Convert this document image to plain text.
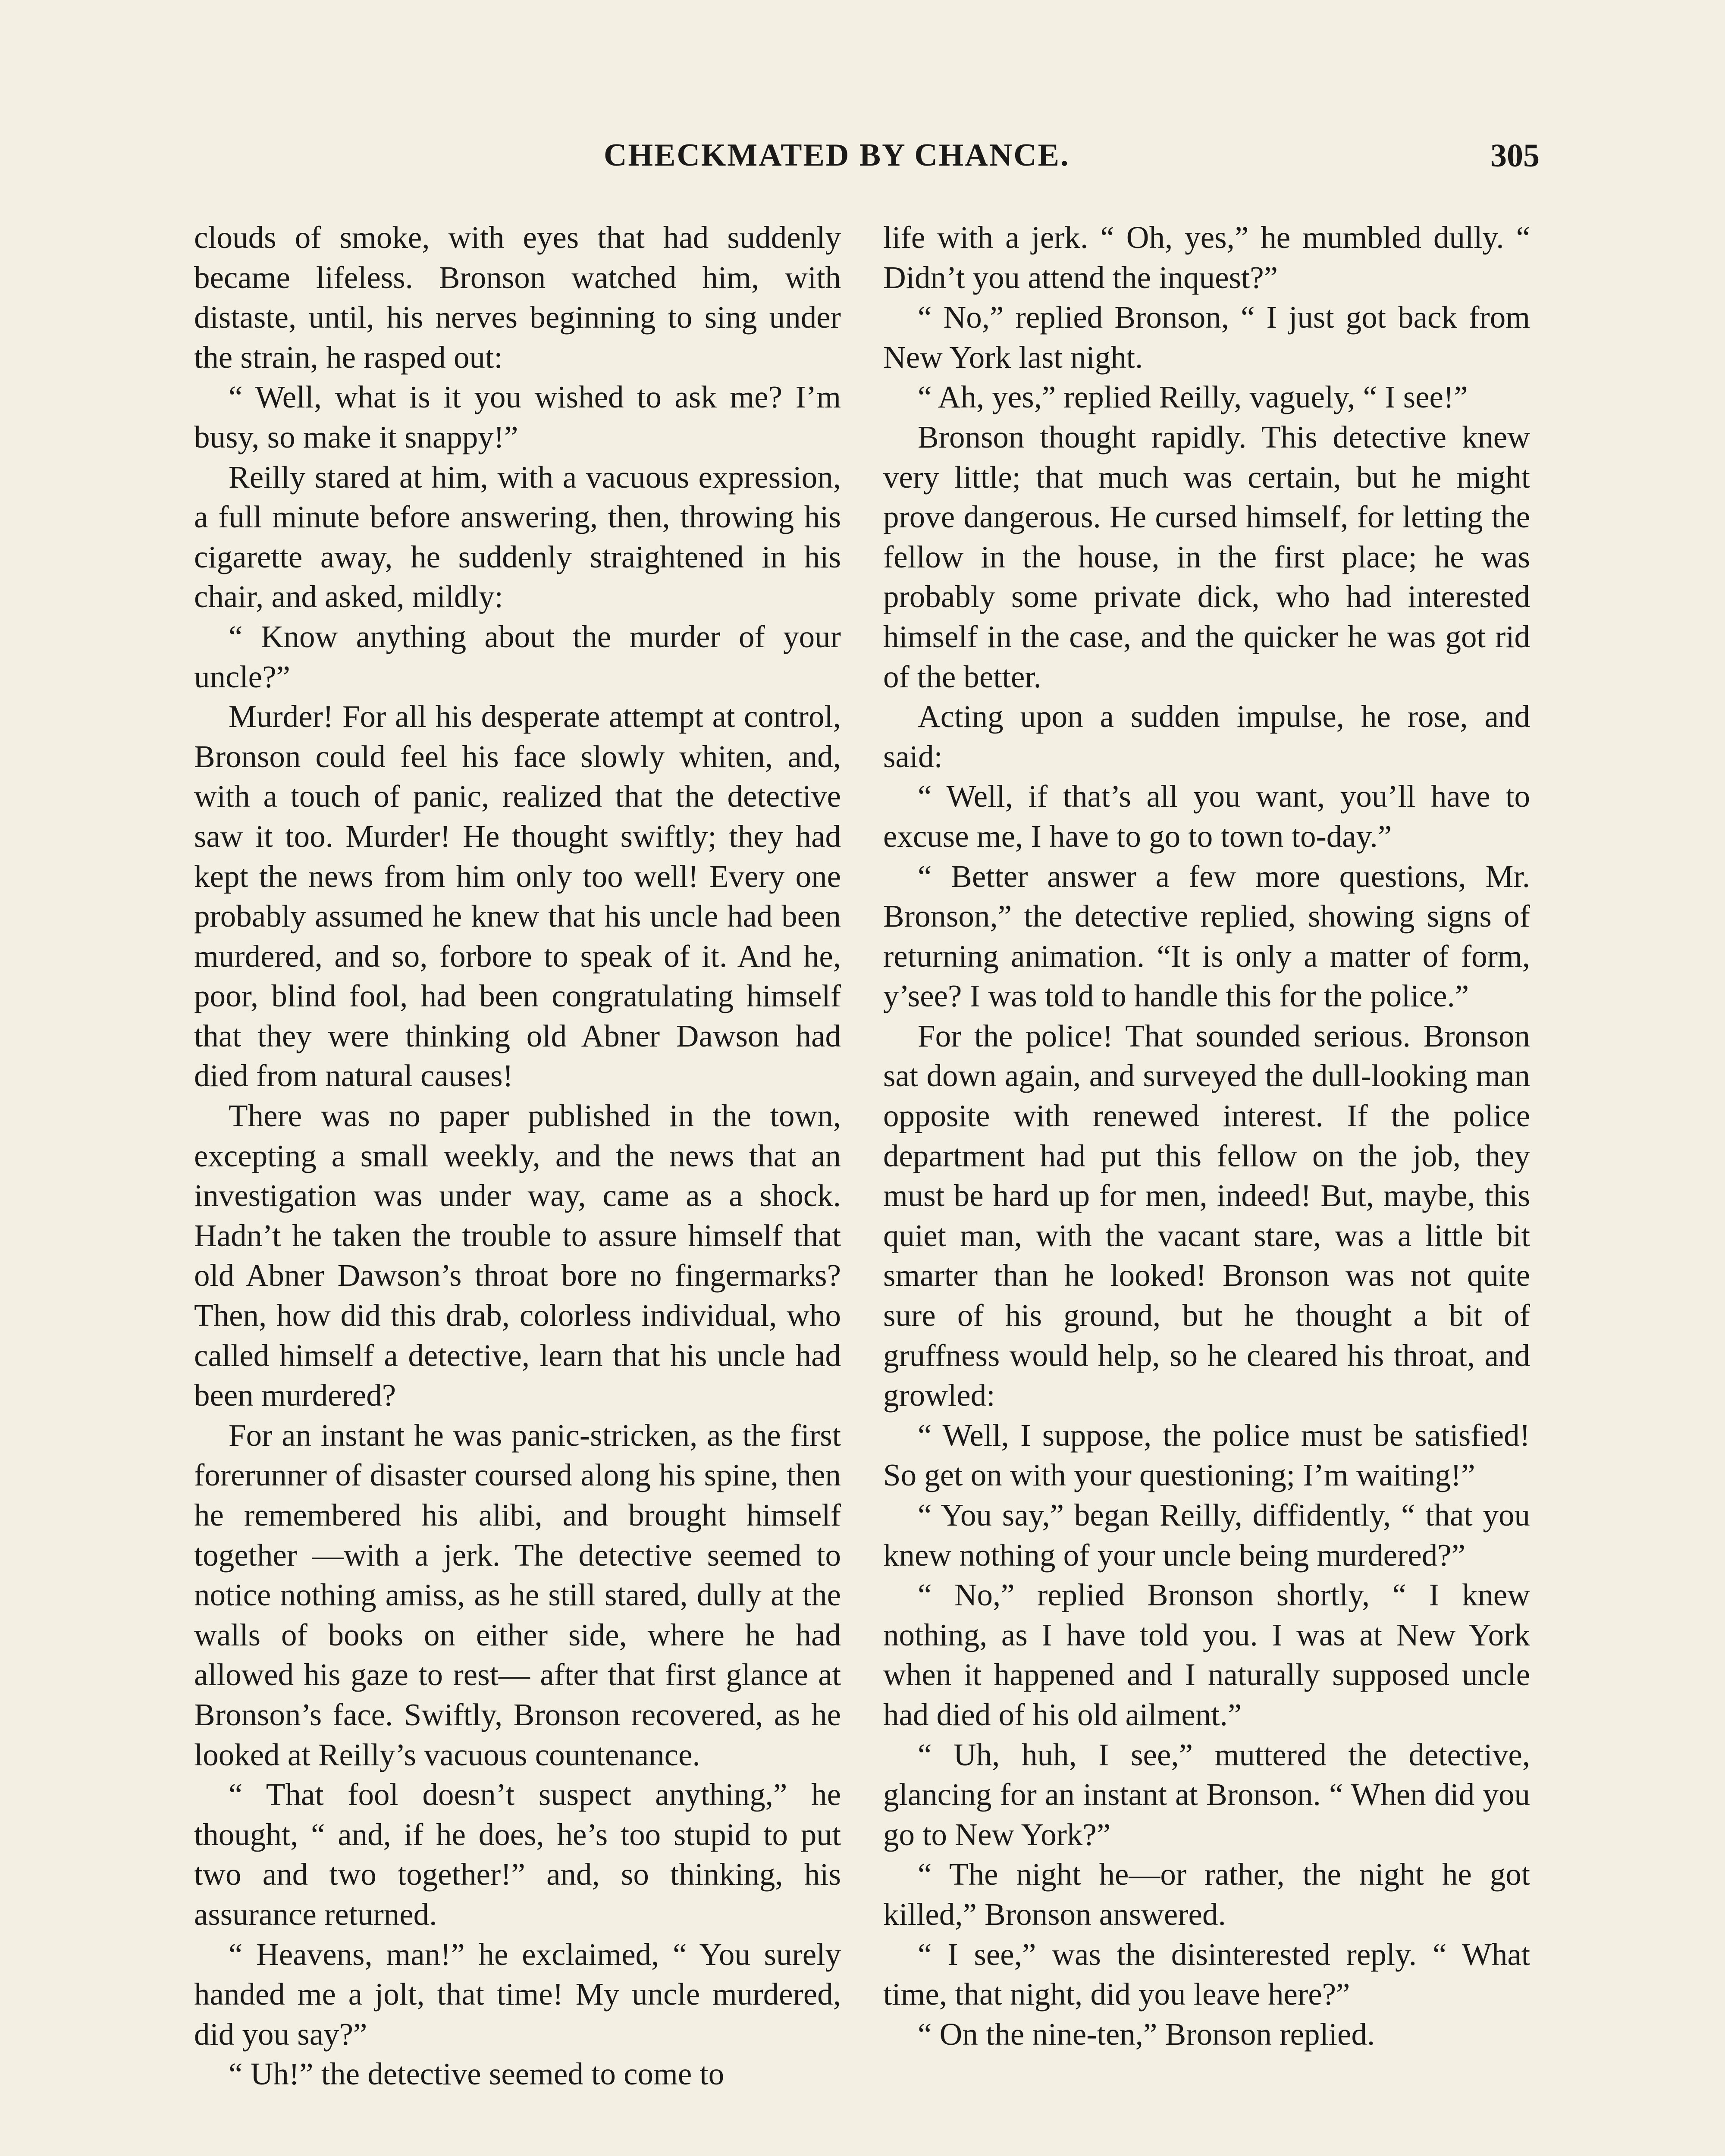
CHECKMATED BY CHANCE.	305

clouds of smoke, with eyes that had suddenly became lifeless. Bronson watched him, with distaste, until, his nerves beginning to sing under the strain, he rasped out:

“ Well, what is it you wished to ask me? I’m busy, so make it snappy!”

Reilly stared at him, with a vacuous expression, a full minute before answering, then, throwing his cigarette away, he suddenly straightened in his chair, and asked, mildly:

“ Know anything about the murder of your uncle?”

Murder! For all his desperate attempt at control, Bronson could feel his face slowly whiten, and, with a touch of panic, realized that the detective saw it too. Murder! He thought swiftly; they had kept the news from him only too well! Every one probably assumed he knew that his uncle had been murdered, and so, forbore to speak of it. And he, poor, blind fool, had been congratulating himself that they were thinking old Abner Dawson had died from natural causes!

There was no paper published in the town, excepting a small weekly, and the news that an investigation was under way, came as a shock. Hadn’t he taken the trouble to assure himself that old Abner Dawson’s throat bore no fingermarks? Then, how did this drab, colorless individual, who called himself a detective, learn that his uncle had been murdered?

For an instant he was panic-stricken, as the first forerunner of disaster coursed along his spine, then he remembered his alibi, and brought himself together —with a jerk. The detective seemed to notice nothing amiss, as he still stared, dully at the walls of books on either side, where he had allowed his gaze to rest— after that first glance at Bronson’s face. Swiftly, Bronson recovered, as he looked at Reilly’s vacuous countenance.

“ That fool doesn’t suspect anything,” he thought, “ and, if he does, he’s too stupid to put two and two together!” and, so thinking, his assurance returned.

“ Heavens, man!” he exclaimed, “ You surely handed me a jolt, that time! My uncle murdered, did you say?”

“ Uh!” the detective seemed to come to

life with a jerk. “ Oh, yes,” he mumbled dully. “ Didn’t you attend the inquest?”

“ No,” replied Bronson, “ I just got back from New York last night.

“ Ah, yes,” replied Reilly, vaguely, “ I see!”

Bronson thought rapidly. This detective knew very little; that much was certain, but he might prove dangerous. He cursed himself, for letting the fellow in the house, in the first place; he was probably some private dick, who had interested himself in the case, and the quicker he was got rid of the better.

Acting upon a sudden impulse, he rose, and said:

“ Well, if that’s all you want, you’ll have to excuse me, I have to go to town to-day.”

“ Better answer a few more questions, Mr. Bronson,” the detective replied, showing signs of returning animation. “It is only a matter of form, y’see? I was told to handle this for the police.”

For the police! That sounded serious. Bronson sat down again, and surveyed the dull-looking man opposite with renewed interest. If the police department had put this fellow on the job, they must be hard up for men, indeed! But, maybe, this quiet man, with the vacant stare, was a little bit smarter than he looked! Bronson was not quite sure of his ground, but he thought a bit of gruffness would help, so he cleared his throat, and growled:

“ Well, I suppose, the police must be satisfied! So get on with your questioning; I’m waiting!”

“ You say,” began Reilly, diffidently, “ that you knew nothing of your uncle being murdered?”

“ No,” replied Bronson shortly, “ I knew nothing, as I have told you. I was at New York when it happened and I naturally supposed uncle had died of his old ailment.”

“ Uh, huh, I see,” muttered the detective, glancing for an instant at Bronson. “ When did you go to New York?”

“ The night he—or rather, the night he got killed,” Bronson answered.

“ I see,” was the disinterested reply. “ What time, that night, did you leave here?”

“ On the nine-ten,” Bronson replied.
